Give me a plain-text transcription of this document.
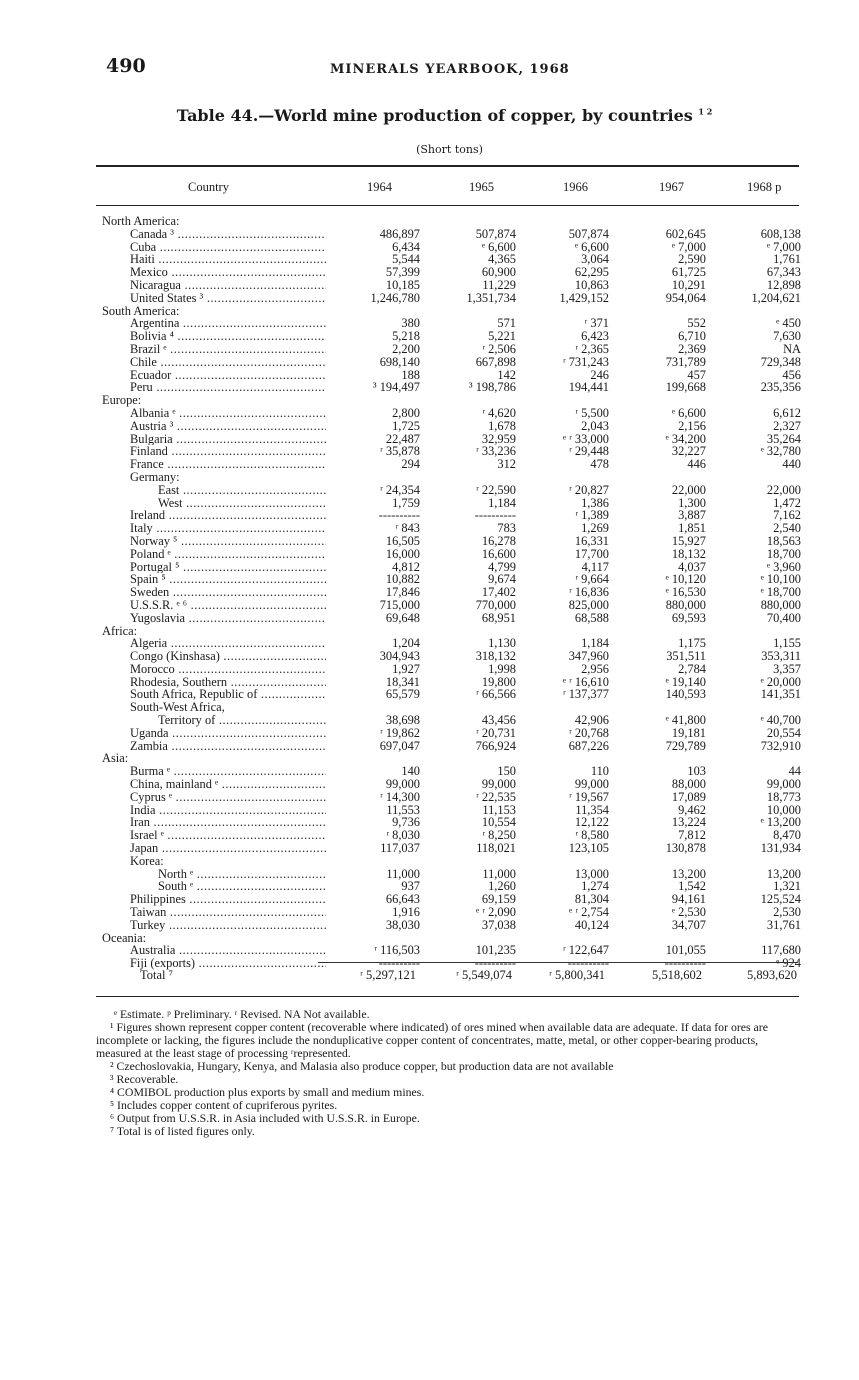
490	MINERALS YEARBOOK, 1968
Table 44.—World mine production of copper, by countries $^{1 2}$
(Short tons)
Country	1964	1965	1966	1967	1968 p
North America:
Canada ³ .....	486,897	507,874	507,874	602,645	608,138
Cuba .....	6,434	ᵉ 6,600	ᵉ 6,600	ᵉ 7,000	ᵉ 7,000
Haiti .....	5,544	4,365	3,064	2,590	1,761
Mexico .....	57,399	60,900	62,295	61,725	67,343
Nicaragua .....	10,185	11,229	10,863	10,291	12,898
United States ³ .....	1,246,780	1,351,734	1,429,152	954,064	1,204,621
South America:
Argentina .....	380	571	ʳ 371	552	ᵉ 450
Bolivia ⁴ .....	5,218	5,221	6,423	6,710	7,630
Brazil ᵉ .....	2,200	ʳ 2,506	ʳ 2,365	2,369	NA
Chile .....	698,140	667,898	ʳ 731,243	731,789	729,348
Ecuador .....	188	142	246	457	456
Peru .....	³ 194,497	³ 198,786	194,441	199,668	235,356
Europe:
Albania ᵉ .....	2,800	ʳ 4,620	ʳ 5,500	ᵉ 6,600	6,612
Austria ³ .....	1,725	1,678	2,043	2,156	2,327
Bulgaria .....	22,487	32,959	ᵉ ʳ 33,000	ᵉ 34,200	35,264
Finland .....	ʳ 35,878	ʳ 33,236	ʳ 29,448	32,227	ᵉ 32,780
France .....	294	312	478	446	440
Germany:
East .....	ʳ 24,354	ʳ 22,590	ʳ 20,827	22,000	22,000
West .....	1,759	1,184	1,386	1,300	1,472
Ireland .....	----------	----------	ʳ 1,389	3,887	7,162
Italy .....	ʳ 843	783	1,269	1,851	2,540
Norway ⁵ .....	16,505	16,278	16,331	15,927	18,563
Poland ᵉ .....	16,000	16,600	17,700	18,132	18,700
Portugal ⁵ .....	4,812	4,799	4,117	4,037	ᵉ 3,960
Spain ⁵ .....	10,882	9,674	ʳ 9,664	ᵉ 10,120	ᵉ 10,100
Sweden .....	17,846	17,402	ʳ 16,836	ᵉ 16,530	ᵉ 18,700
U.S.S.R. ᵉ ⁶ .....	715,000	770,000	825,000	880,000	880,000
Yugoslavia .....	69,648	68,951	68,588	69,593	70,400
Africa:
Algeria .....	1,204	1,130	1,184	1,175	1,155
Congo (Kinshasa) .....	304,943	318,132	347,960	351,511	353,311
Morocco .....	1,927	1,998	2,956	2,784	3,357
Rhodesia, Southern .....	18,341	19,800	ᵉ ʳ 16,610	ᵉ 19,140	ᵉ 20,000
South Africa, Republic of .....	65,579	ʳ 66,566	ʳ 137,377	140,593	141,351
South-West Africa,
Territory of .....	38,698	43,456	42,906	ᵉ 41,800	ᵉ 40,700
Uganda .....	ʳ 19,862	ʳ 20,731	ʳ 20,768	19,181	20,554
Zambia .....	697,047	766,924	687,226	729,789	732,910
Asia:
Burma ᵉ .....	140	150	110	103	44
China, mainland ᵉ .....	99,000	99,000	99,000	88,000	99,000
Cyprus ᵉ .....	ʳ 14,300	ʳ 22,535	ʳ 19,567	17,089	18,773
India .....	11,553	11,153	11,354	9,462	10,000
Iran .....	9,736	10,554	12,122	13,224	ᵉ 13,200
Israel ᵉ .....	ʳ 8,030	ʳ 8,250	ʳ 8,580	7,812	8,470
Japan .....	117,037	118,021	123,105	130,878	131,934
Korea:
North ᵉ .....	11,000	11,000	13,000	13,200	13,200
South ᵉ .....	937	1,260	1,274	1,542	1,321
Philippines .....	66,643	69,159	81,304	94,161	125,524
Taiwan .....	1,916	ᵉ ʳ 2,090	ᵉ ʳ 2,754	ᵉ 2,530	2,530
Turkey .....	38,030	37,038	40,124	34,707	31,761
Oceania:
Australia .....	ʳ 116,503	101,235	ʳ 122,647	101,055	117,680
Fiji (exports) .....	----------	----------	----------	----------	ᵉ 924
Total ⁷	ʳ 5,297,121	ʳ 5,549,074	ʳ 5,800,341	5,518,602	5,893,620

ᵉ Estimate. ᵖ Preliminary. ʳ Revised. NA Not available.

¹ Figures shown represent copper content (recoverable where indicated) of ores mined when available data are adequate. If data for ores are incomplete or lacking, the figures include the nonduplicative copper content of concentrates, matte, metal, or other copper-bearing products, measured at the least stage of processing ʳrepresented.

² Czechoslovakia, Hungary, Kenya, and Malasia also produce copper, but production data are not available

³ Recoverable.

⁴ COMIBOL production plus exports by small and medium mines.

⁵ Includes copper content of cupriferous pyrites.

⁶ Output from U.S.S.R. in Asia included with U.S.S.R. in Europe.

⁷ Total is of listed figures only.
